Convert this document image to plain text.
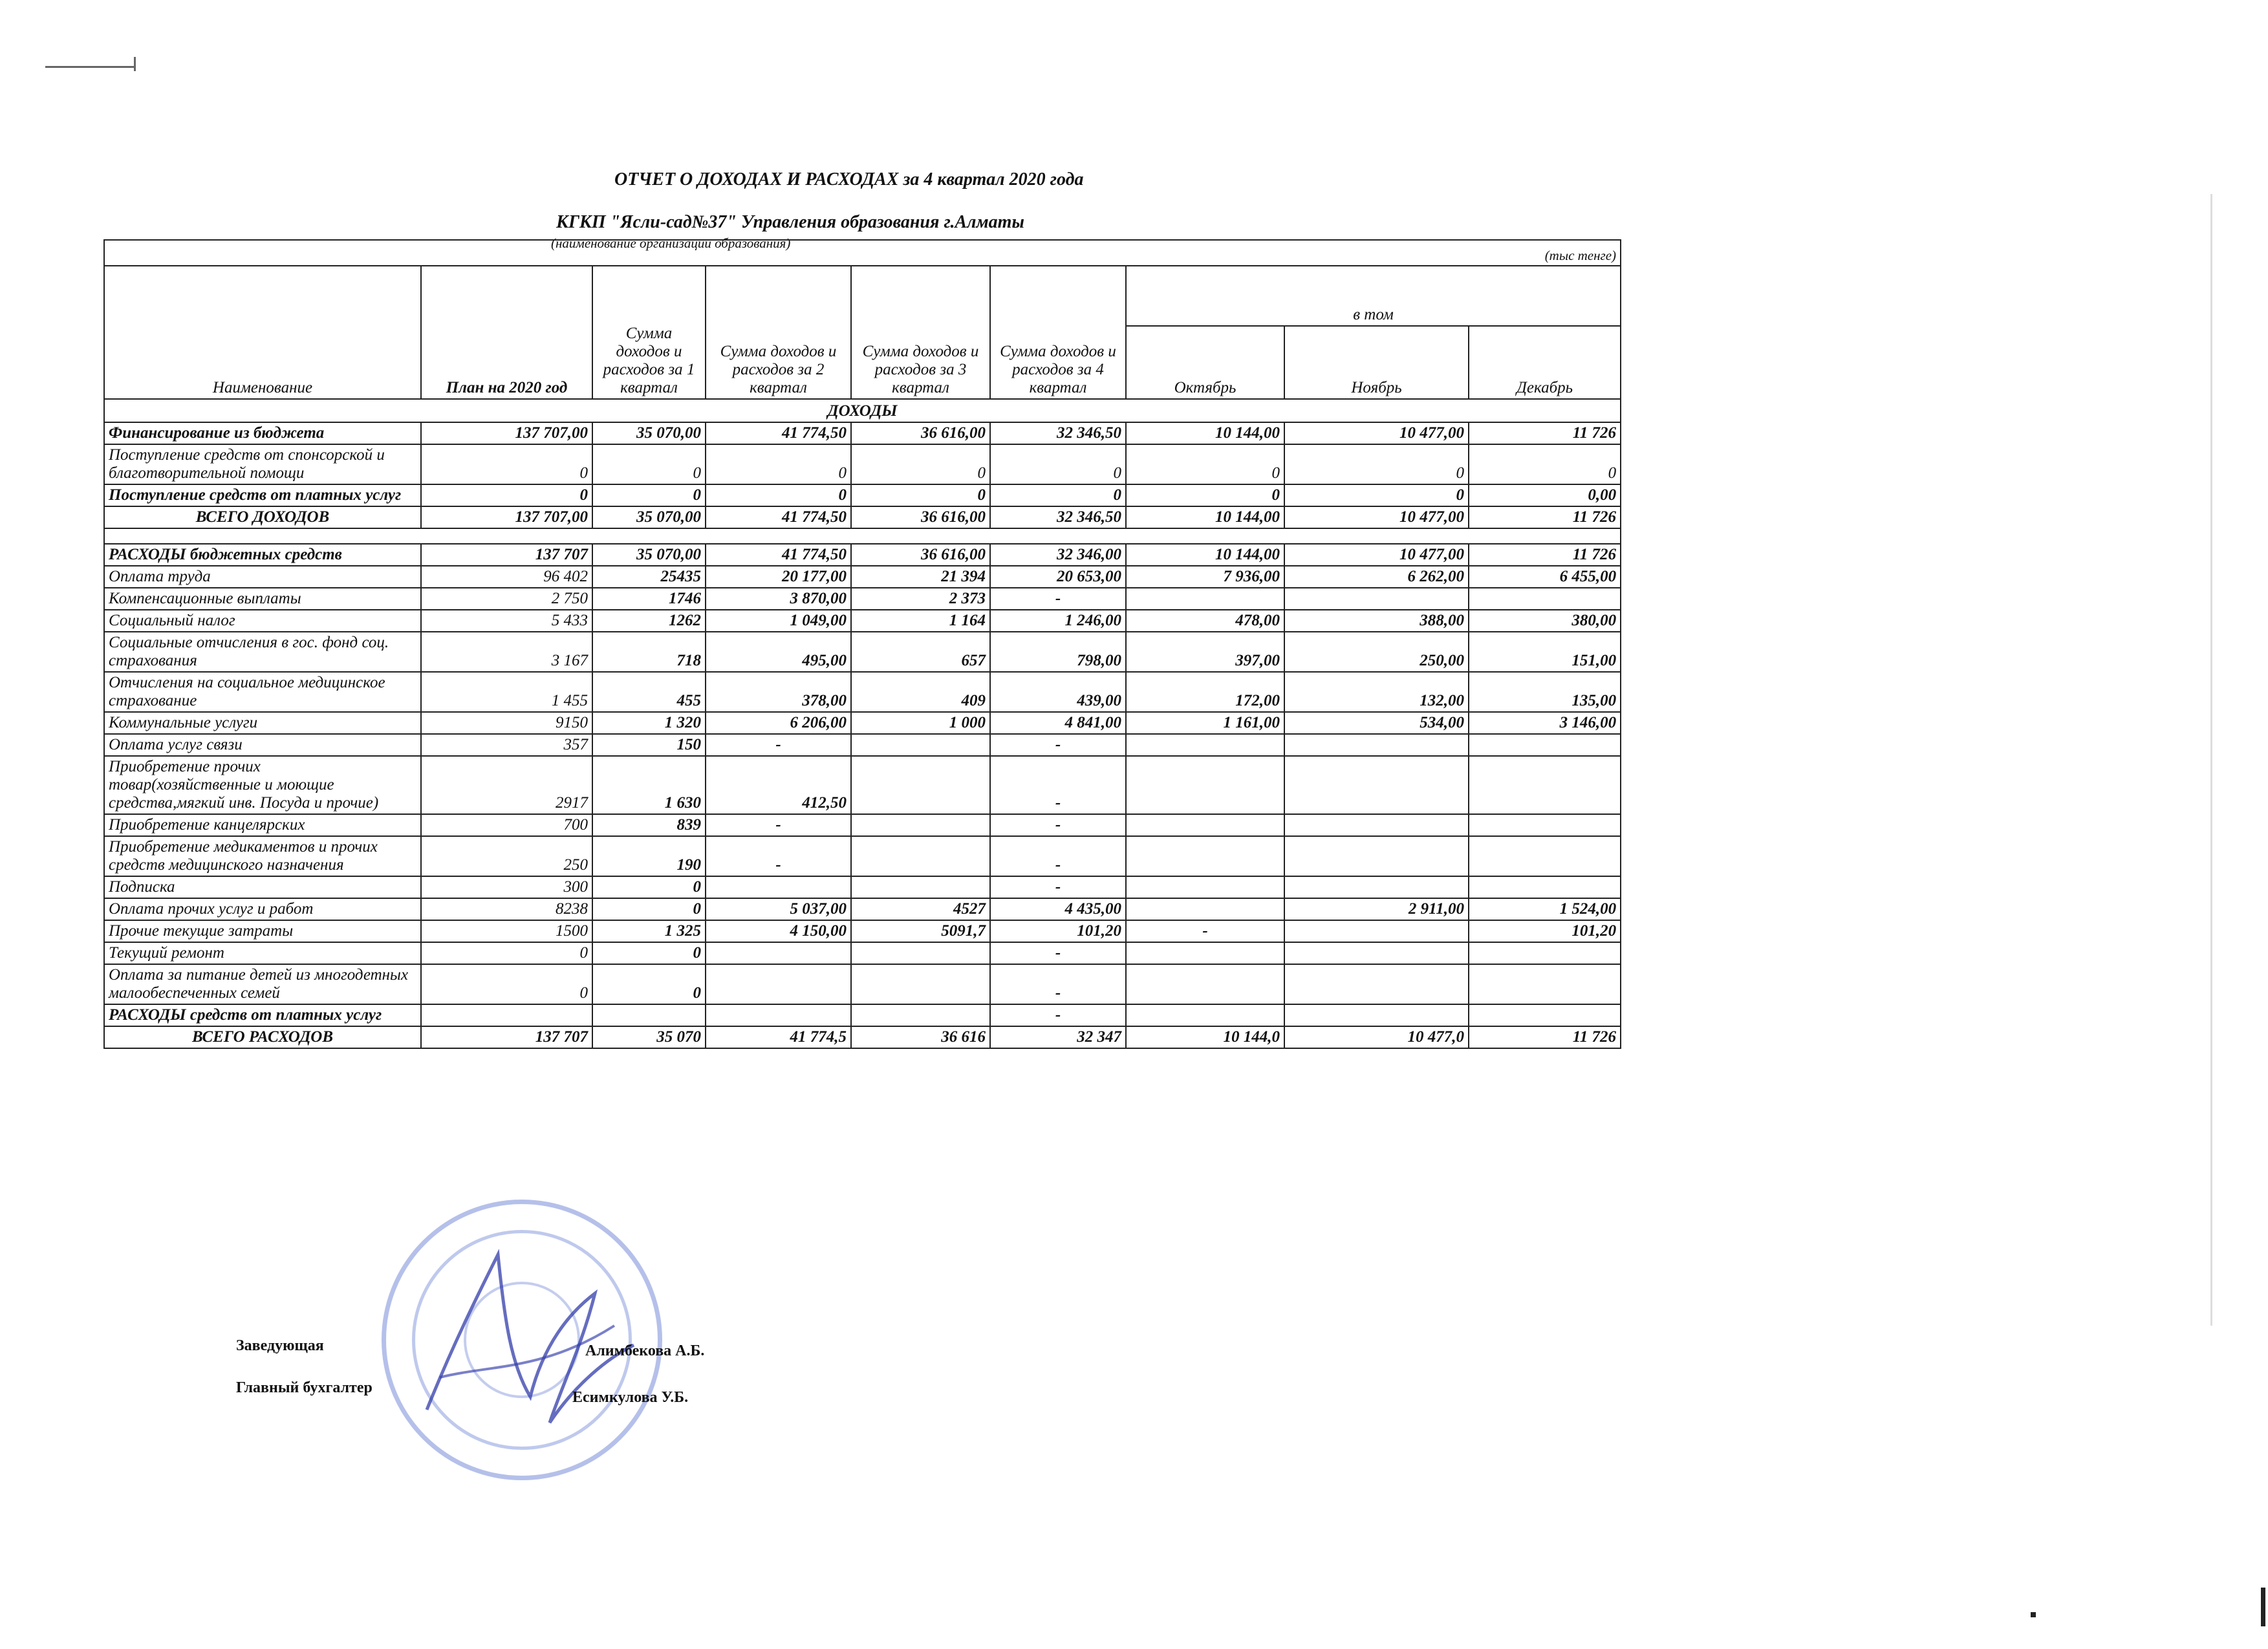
ОТЧЕТ О ДОХОДАХ И РАСХОДАХ за 4 квартал 2020 года
КГКП "Ясли-сад№37" Управления образования г.Алматы
(наименование организации образования)
(тыс тенге)								
Наименование	План на 2020 год	Сумма доходов и расходов за 1 квартал	Сумма доходов и расходов за 2 квартал	Сумма доходов и расходов за 3 квартал	Сумма доходов и расходов за 4 квартал	в том		
						Октябрь	Ноябрь	Декабрь
ДОХОДЫ								
Финансирование из бюджета	137 707,00	35 070,00	41 774,50	36 616,00	32 346,50	10 144,00	10 477,00	11 726
Поступление средств от спонсорской и благотворительной помощи	0	0	0	0	0	0	0	0
Поступление средств от платных услуг	0	0	0	0	0	0	0	0,00
ВСЕГО ДОХОДОВ	137 707,00	35 070,00	41 774,50	36 616,00	32 346,50	10 144,00	10 477,00	11 726

РАСХОДЫ бюджетных средств	137 707	35 070,00	41 774,50	36 616,00	32 346,00	10 144,00	10 477,00	11 726
Оплата труда	96 402	25435	20 177,00	21 394	20 653,00	7 936,00	6 262,00	6 455,00
Компенсационные выплаты	2 750	1746	3 870,00	2 373	-			
Социальный налог	5 433	1262	1 049,00	1 164	1 246,00	478,00	388,00	380,00
Социальные отчисления в гос. фонд соц. страхования	3 167	718	495,00	657	798,00	397,00	250,00	151,00
Отчисления на социальное медицинское страхование	1 455	455	378,00	409	439,00	172,00	132,00	135,00
Коммунальные услуги	9150	1 320	6 206,00	1 000	4 841,00	1 161,00	534,00	3 146,00
Оплата услуг связи	357	150	-		-			
Приобретение прочих товар(хозяйственные и моющие средства,мягкий инв. Посуда и прочие)	2917	1 630	412,50		-			
Приобретение канцелярских	700	839	-		-			
Приобретение медикаментов и прочих средств медицинского назначения	250	190	-		-			
Подписка	300	0			-			
Оплата прочих услуг и работ	8238	0	5 037,00	4527	4 435,00		2 911,00	1 524,00
Прочие текущие затраты	1500	1 325	4 150,00	5091,7	101,20	-		101,20
Текущий ремонт	0	0			-			
Оплата за питание детей из многодетных малообеспеченных семей	0	0			-			
РАСХОДЫ средств от платных услуг					-			
ВСЕГО РАСХОДОВ	137 707	35 070	41 774,5	36 616	32 347	10 144,0	10 477,0	11 726
Заведующая	Алимбекова А.Б.
Главный бухгалтер
Есимкулова У.Б.
